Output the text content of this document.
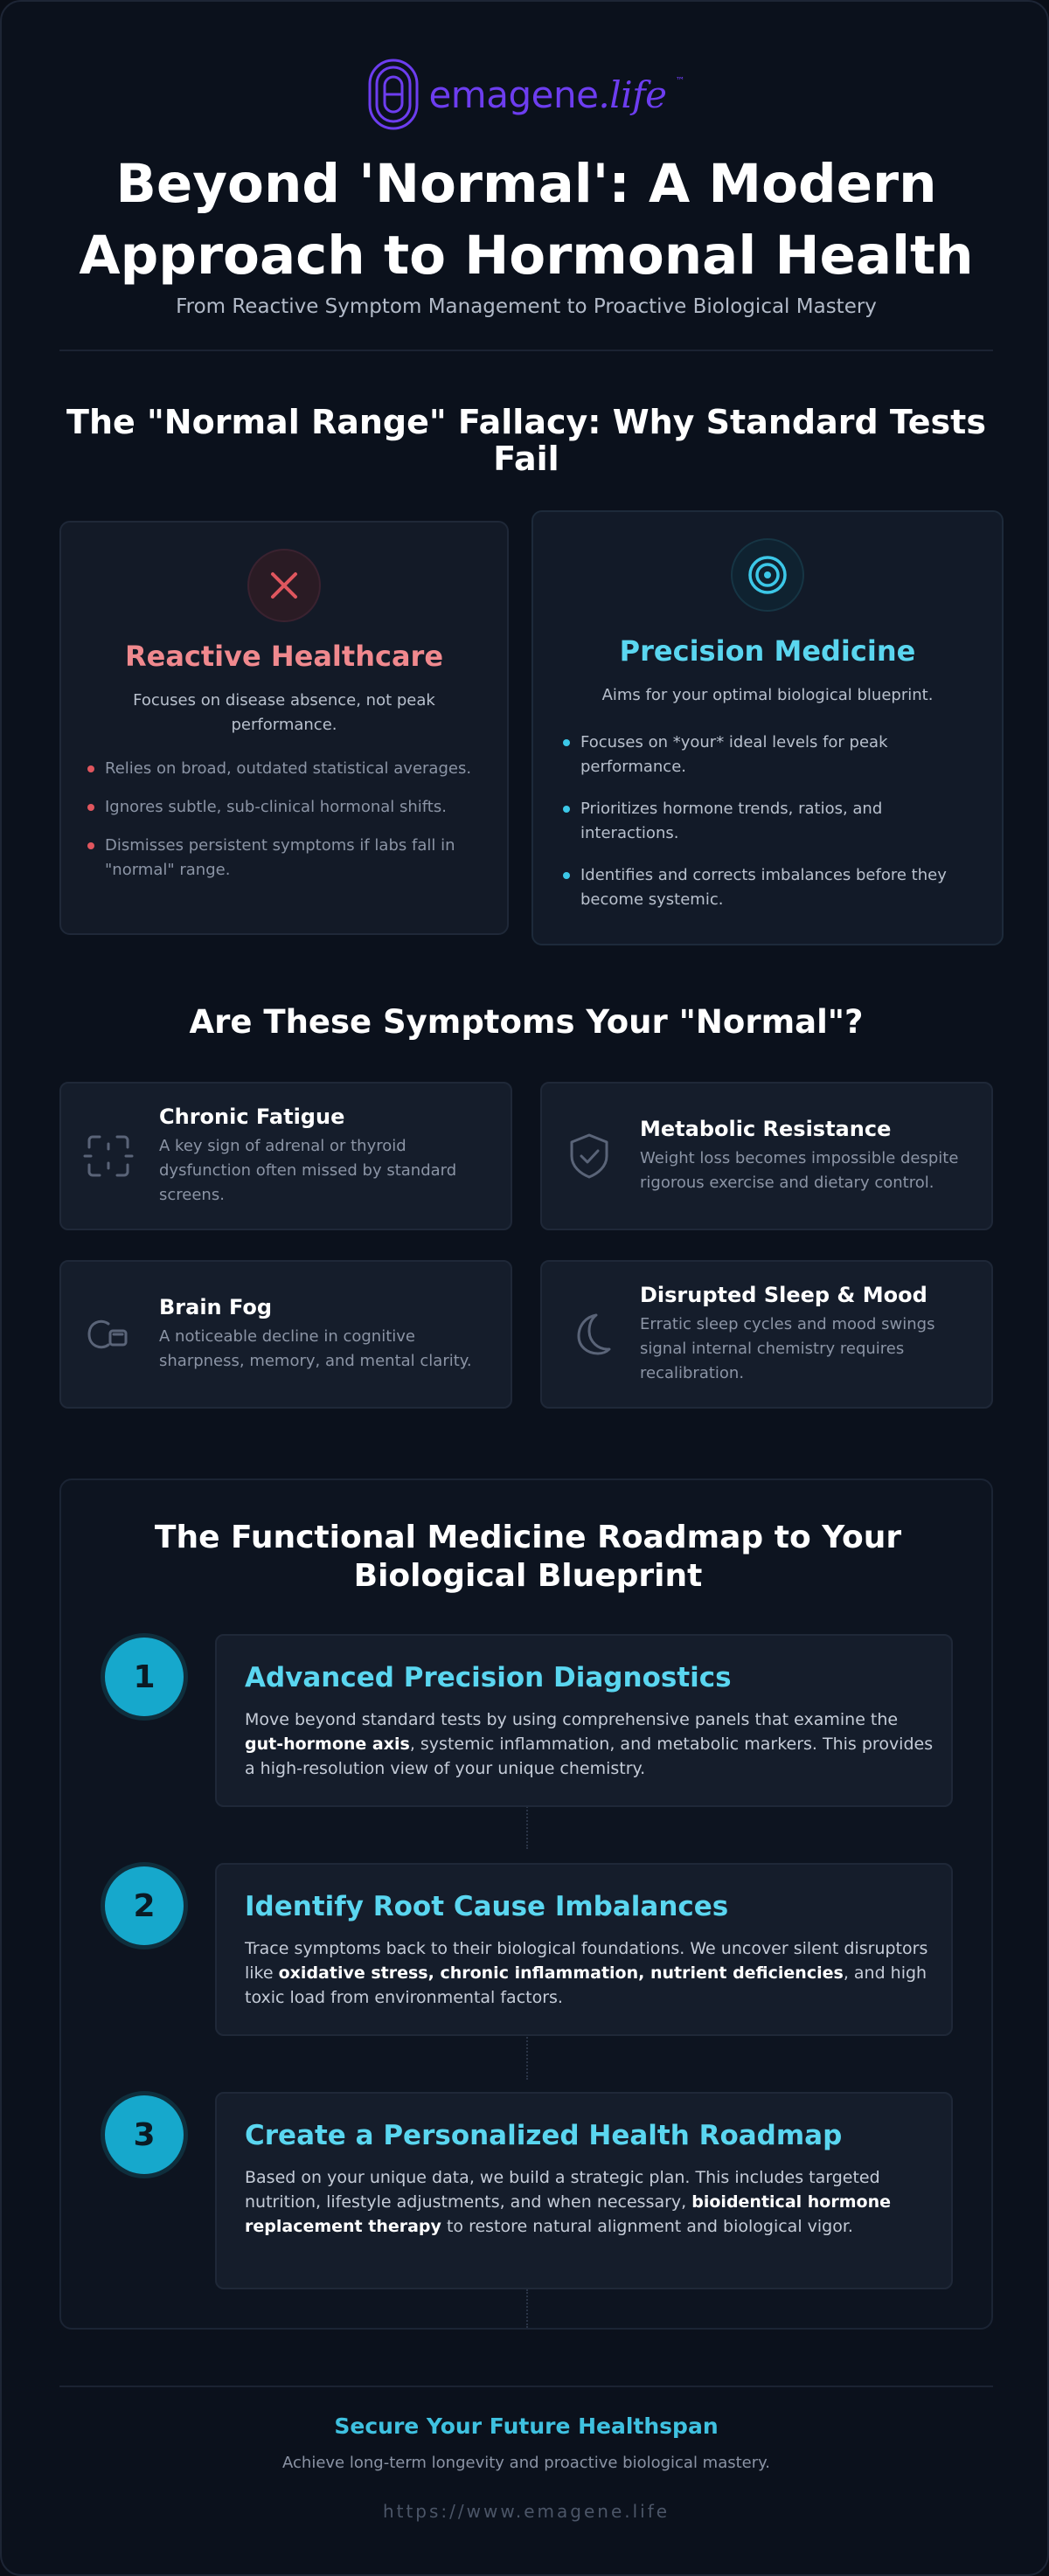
emagene.life ™
Beyond 'Normal': A Modern Approach to Hormonal Health
From Reactive Symptom Management to Proactive Biological Mastery
The "Normal Range" Fallacy: Why Standard Tests Fail
Reactive Healthcare
Focuses on disease absence, not peak performance.
Relies on broad, outdated statistical averages.
Ignores subtle, sub-clinical hormonal shifts.
Dismisses persistent symptoms if labs fall in "normal" range.
Precision Medicine
Aims for your optimal biological blueprint.
Focuses on *your* ideal levels for peak performance.
Prioritizes hormone trends, ratios, and interactions.
Identifies and corrects imbalances before they become systemic.
Are These Symptoms Your "Normal"?
Chronic Fatigue
A key sign of adrenal or thyroid dysfunction often missed by standard screens.
Metabolic Resistance
Weight loss becomes impossible despite rigorous exercise and dietary control.
Brain Fog
A noticeable decline in cognitive sharpness, memory, and mental clarity.
Disrupted Sleep & Mood
Erratic sleep cycles and mood swings signal internal chemistry requires recalibration.
The Functional Medicine Roadmap to Your Biological Blueprint
1	Advanced Precision Diagnostics
Move beyond standard tests by using comprehensive panels that examine the gut-hormone axis, systemic inflammation, and metabolic markers. This provides a high-resolution view of your unique chemistry.
2	Identify Root Cause Imbalances
Trace symptoms back to their biological foundations. We uncover silent disruptors like oxidative stress, chronic inflammation, nutrient deficiencies, and high toxic load from environmental factors.
3	Create a Personalized Health Roadmap
Based on your unique data, we build a strategic plan. This includes targeted nutrition, lifestyle adjustments, and when necessary, bioidentical hormone replacement therapy to restore natural alignment and biological vigor.
Secure Your Future Healthspan
Achieve long-term longevity and proactive biological mastery.
https://www.emagene.life
